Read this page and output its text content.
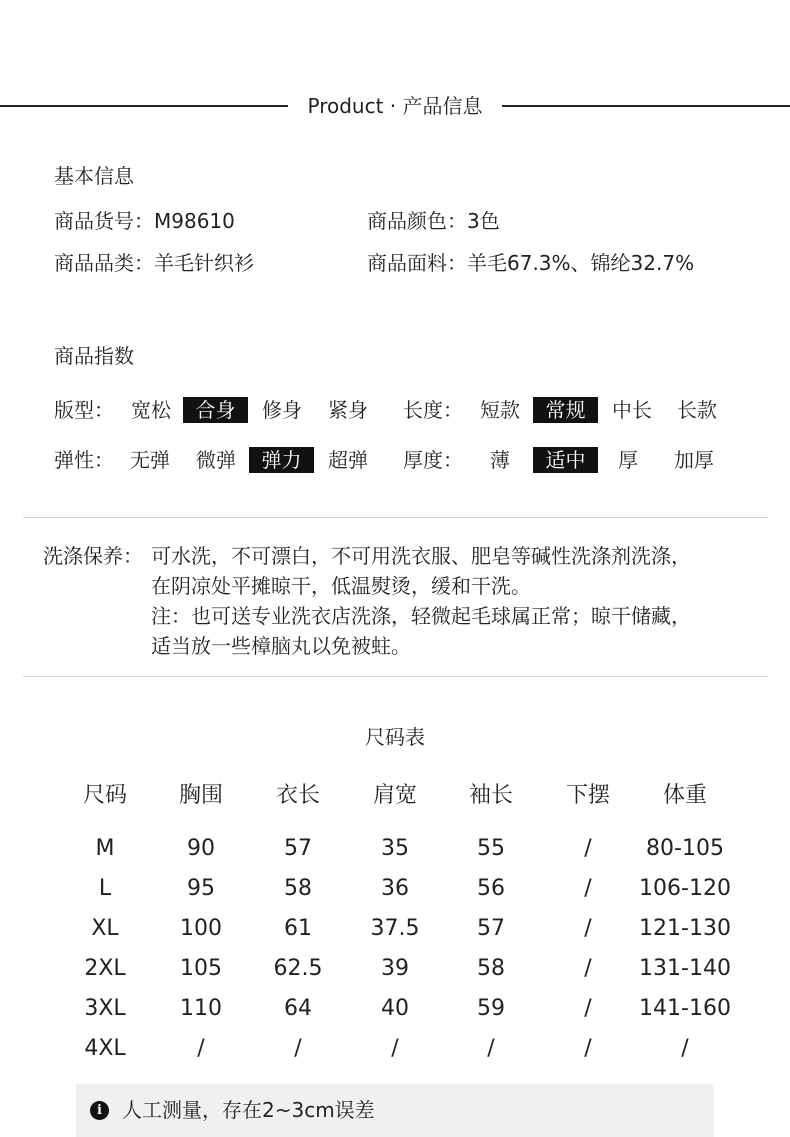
Product · 产品信息
基本信息
商品货号：M98610	商品颜色：3色
商品品类：羊毛针织衫	商品面料：羊毛67.3%、锦纶32.7%
商品指数
版型： 宽松	合身	修身	紧身	长度： 短款	常规	中长	长款
弹性： 无弹	微弹	弹力	超弹	厚度：	薄	适中	厚	加厚
洗涤保养： 可水洗，不可漂白，不可用洗衣服、肥皂等碱性洗涤剂洗涤，
在阴凉处平摊晾干，低温熨烫，缓和干洗。
注：也可送专业洗衣店洗涤，轻微起毛球属正常；晾干储藏，
适当放一些樟脑丸以免被蛀。
尺码表
尺码	胸围	衣长	肩宽	袖长	下摆	体重
M	90	57	35	55	/	80-105
L	95	58	36	56	/	106-120
XL	100	61	37.5	57	/	121-130
2XL	105	62.5	39	58	/	131-140
3XL	110	64	40	59	/	141-160
4XL	/	/	/	/	/	/
i	人工测量，存在2~3cm误差
